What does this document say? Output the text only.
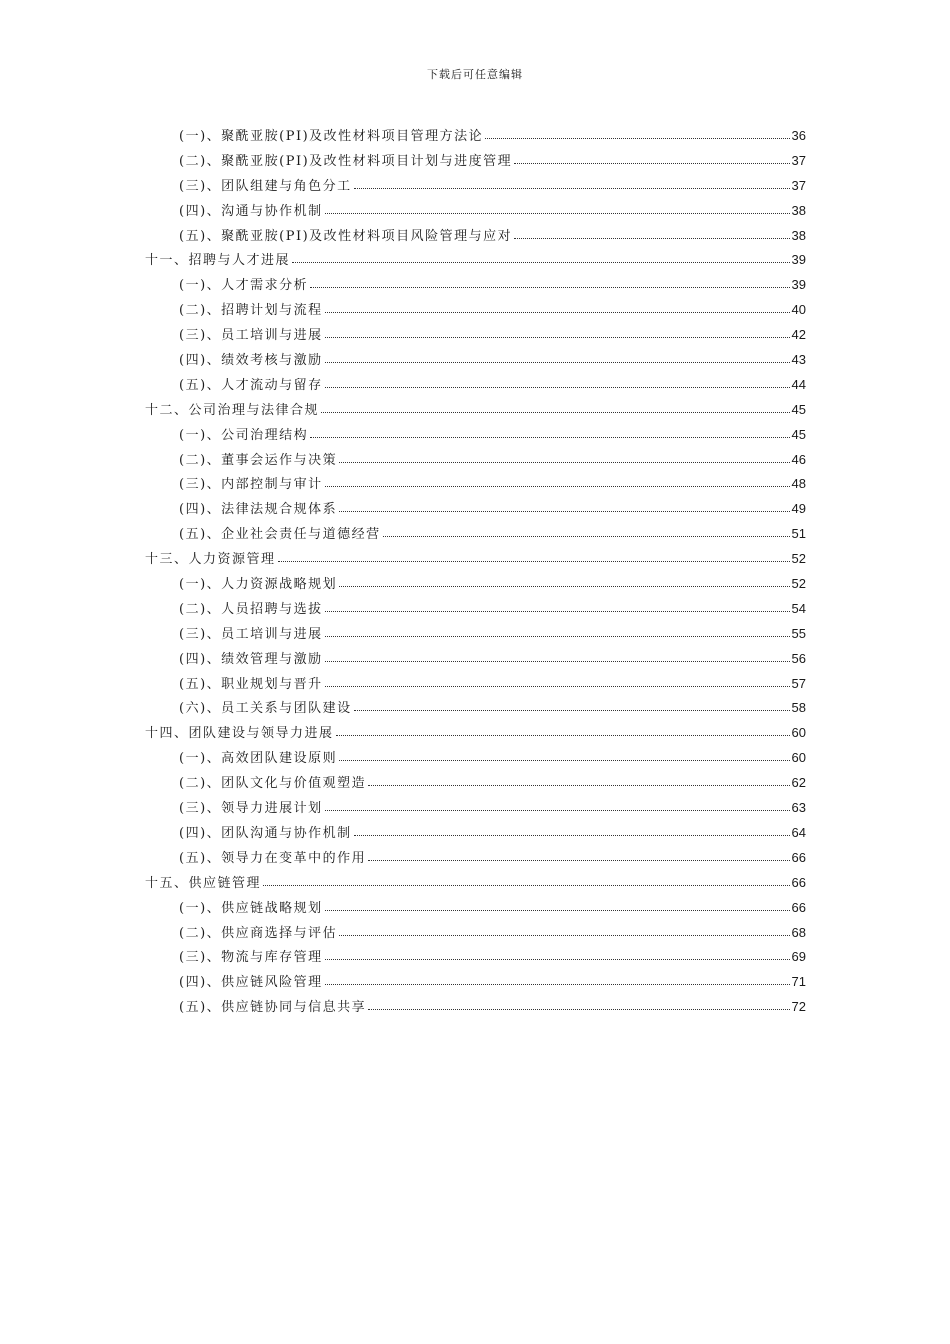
下载后可任意编辑
(一)、聚酰亚胺(PI)及改性材料项目管理方法论	36
(二)、聚酰亚胺(PI)及改性材料项目计划与进度管理	37
(三)、团队组建与角色分工	37
(四)、沟通与协作机制	38
(五)、聚酰亚胺(PI)及改性材料项目风险管理与应对	38
十一、招聘与人才进展	39
(一)、人才需求分析	39
(二)、招聘计划与流程	40
(三)、员工培训与进展	42
(四)、绩效考核与激励	43
(五)、人才流动与留存	44
十二、公司治理与法律合规	45
(一)、公司治理结构	45
(二)、董事会运作与决策	46
(三)、内部控制与审计	48
(四)、法律法规合规体系	49
(五)、企业社会责任与道德经营	51
十三、人力资源管理	52
(一)、人力资源战略规划	52
(二)、人员招聘与选拔	54
(三)、员工培训与进展	55
(四)、绩效管理与激励	56
(五)、职业规划与晋升	57
(六)、员工关系与团队建设	58
十四、团队建设与领导力进展	60
(一)、高效团队建设原则	60
(二)、团队文化与价值观塑造	62
(三)、领导力进展计划	63
(四)、团队沟通与协作机制	64
(五)、领导力在变革中的作用	66
十五、供应链管理	66
(一)、供应链战略规划	66
(二)、供应商选择与评估	68
(三)、物流与库存管理	69
(四)、供应链风险管理	71
(五)、供应链协同与信息共享	72
